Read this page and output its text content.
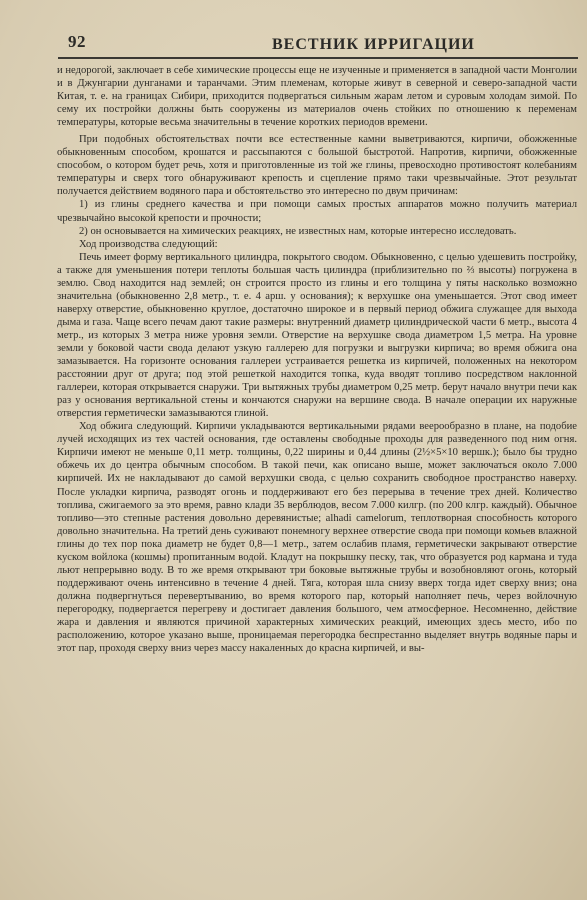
92	ВЕСТНИК ИРРИГАЦИИ

и недорогой, заключает в себе химические процессы еще не изученные и применяется в западной части Монголии и в Джунгарии дунганами и таранчами. Этим племенам, которые живут в северной и северо-западной части Китая, т. е. на границах Сибири, приходится подвергаться сильным жарам летом и суровым холодам зимой. По сему их постройки должны быть сооружены из материалов очень стойких по отношению к переменам температуры, которые весьма значительны в течение коротких периодов времени.

При подобных обстоятельствах почти все естественные камни выветриваются, кирпичи, обожженные обыкновенным способом, крошатся и рассыпаются с большой быстротой. Напротив, кирпичи, обожженные способом, о котором будет речь, хотя и приготовленные из той же глины, превосходно противостоят колебаниям температуры и сверх того обнаруживают крепость и сцепление прямо таки чрезвычайные. Этот результат получается действием водяного пара и обстоятельство это интересно по двум причинам:

1) из глины среднего качества и при помощи самых простых аппаратов можно получить материал чрезвычайно высокой крепости и прочности;

2) он основывается на химических реакциях, не известных нам, которые интересно исследовать.

Ход производства следующий:

Печь имеет форму вертикального цилиндра, покрытого сводом. Обыкновенно, с целью удешевить постройку, а также для уменьшения потери теплоты большая часть цилиндра (приблизительно по ⅔ высоты) погружена в землю. Свод находится над землей; он строится просто из глины и его толщина у пяты насколько возможно значительна (обыкновенно 2,8 метр., т. е. 4 арш. у основания); к верхушке она уменьшается. Этот свод имеет наверху отверстие, обыкновенно круглое, достаточно широкое и в первый период обжига служащее для выхода дыма и газа. Чаще всего печам дают такие размеры: внутренний диаметр цилиндрической части 6 метр., высота 4 метр., из которых 3 метра ниже уровня земли. Отверстие на верхушке свода диаметром 1,5 метра. На уровне земли у боковой части свода делают узкую галлерею для погрузки и выгрузки кирпича; во время обжига она замазывается. На горизонте основания галлереи устраивается решетка из кирпичей, положенных на некотором расстоянии друг от друга; под этой решеткой находится топка, куда вводят топливо посредством наклонной галлереи, которая открывается снаружи. Три вытяжных трубы диаметром 0,25 метр. берут начало внутри печи как раз у основания вертикальной стены и кончаются снаружи на вершине свода. В начале операции их наружные отверстия герметически замазываются глиной.

Ход обжига следующий. Кирпичи укладываются вертикальными рядами веерообразно в плане, на подобие лучей исходящих из тех частей основания, где оставлены свободные проходы для разведенного под ним огня. Кирпичи имеют не меньше 0,11 метр. толщины, 0,22 ширины и 0,44 длины (2½×5×10 вершк.); было бы трудно обжечь их до центра обычным способом. В такой печи, как описано выше, может заключаться около 7.000 кирпичей. Их не накладывают до самой верхушки свода, с целью сохранить свободное пространство наверху. После укладки кирпича, разводят огонь и поддерживают его без перерыва в течение трех дней. Количество топлива, сжигаемого за это время, равно клади 35 верблюдов, весом 7.000 килгр. (по 200 клгр. каждый). Обычное топливо—это степные растения довольно деревянистые; alhadi camelorum, теплотворная способность которого довольно значительна. На третий день суживают понемногу верхнее отверстие свода при помощи комьев влажной глины до тех пор пока диаметр не будет 0,8—1 метр., затем ослабив пламя, герметически закрывают отверстие куском войлока (кошмы) пропитанным водой. Кладут на покрышку песку, так, что образуется род кармана и туда льют непрерывно воду. В то же время открывают три боковые вытяжные трубы и возобновляют огонь, который поддерживают очень интенсивно в течение 4 дней. Тяга, которая шла снизу вверх тогда идет сверху вниз; она должна подвергнуться перевертыванию, во время которого пар, который наполняет печь, через войлочную перегородку, подвергается перегреву и достигает давления большого, чем атмосферное. Несомненно, действие жара и давления и являются причиной характерных химических реакций, имеющих здесь место, ибо по расположению, которое указано выше, проницаемая перегородка беспрестанно выделяет внутрь водяные пары и этот пар, проходя сверху вниз через массу накаленных до красна кирпичей, и вы-
